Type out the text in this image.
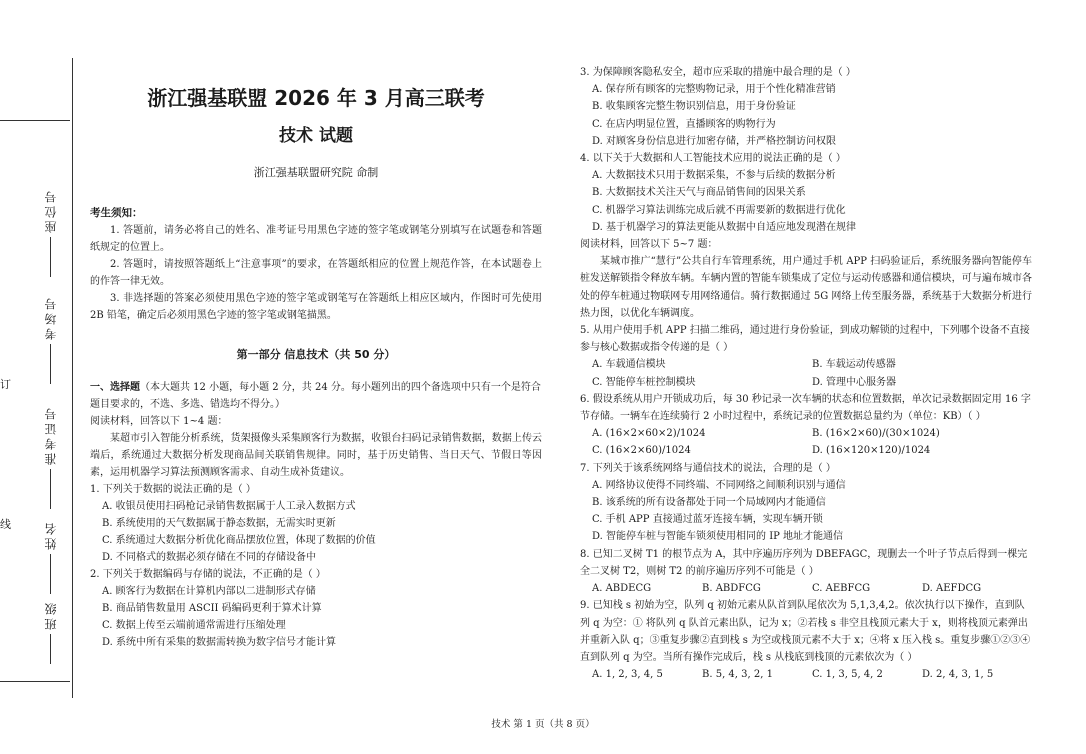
订
线
座位号
考场号
准考证号
姓名
班级
浙江强基联盟 2026 年 3 月高三联考
技术 试题
浙江强基联盟研究院 命制
考生须知：
1. 答题前，请务必将自己的姓名、准考证号用黑色字迹的签字笔或钢笔分别填写在试题卷和答题纸规定的位置上。
2. 答题时，请按照答题纸上“注意事项”的要求，在答题纸相应的位置上规范作答，在本试题卷上的作答一律无效。
3. 非选择题的答案必须使用黑色字迹的签字笔或钢笔写在答题纸上相应区域内，作图时可先使用 2B 铅笔，确定后必须用黑色字迹的签字笔或钢笔描黑。
第一部分 信息技术（共 50 分）
一、选择题（本大题共 12 小题，每小题 2 分，共 24 分。每小题列出的四个备选项中只有一个是符合题目要求的，不选、多选、错选均不得分。）
阅读材料，回答以下 1~4 题：
某超市引入智能分析系统，货架摄像头采集顾客行为数据，收银台扫码记录销售数据，数据上传云端后，系统通过大数据分析发现商品间关联销售规律。同时，基于历史销售、当日天气、节假日等因素，运用机器学习算法预测顾客需求、自动生成补货建议。
1. 下列关于数据的说法正确的是（ ）
A. 收银员使用扫码枪记录销售数据属于人工录入数据方式
B. 系统使用的天气数据属于静态数据，无需实时更新
C. 系统通过大数据分析优化商品摆放位置，体现了数据的价值
D. 不同格式的数据必须存储在不同的存储设备中
2. 下列关于数据编码与存储的说法，不正确的是（ ）
A. 顾客行为数据在计算机内部以二进制形式存储
B. 商品销售数量用 ASCII 码编码更利于算术计算
C. 数据上传至云端前通常需进行压缩处理
D. 系统中所有采集的数据需转换为数字信号才能计算
3. 为保障顾客隐私安全，超市应采取的措施中最合理的是（ ）
A. 保存所有顾客的完整购物记录，用于个性化精准营销
B. 收集顾客完整生物识别信息，用于身份验证
C. 在店内明显位置，直播顾客的购物行为
D. 对顾客身份信息进行加密存储，并严格控制访问权限
4. 以下关于大数据和人工智能技术应用的说法正确的是（ ）
A. 大数据技术只用于数据采集，不参与后续的数据分析
B. 大数据技术关注天气与商品销售间的因果关系
C. 机器学习算法训练完成后就不再需要新的数据进行优化
D. 基于机器学习的算法更能从数据中自适应地发现潜在规律
阅读材料，回答以下 5~7 题：
某城市推广“慧行”公共自行车管理系统，用户通过手机 APP 扫码验证后，系统服务器向智能停车桩发送解锁指令释放车辆。车辆内置的智能车锁集成了定位与运动传感器和通信模块，可与遍布城市各处的停车桩通过物联网专用网络通信。骑行数据通过 5G 网络上传至服务器，系统基于大数据分析进行热力图，以优化车辆调度。
5. 从用户使用手机 APP 扫描二维码，通过进行身份验证，到成功解锁的过程中，下列哪个设备不直接参与核心数据或指令传递的是（ ）
A. 车载通信模块	B. 车载运动传感器
C. 智能停车桩控制模块	D. 管理中心服务器
6. 假设系统从用户开锁成功后，每 30 秒记录一次车辆的状态和位置数据，单次记录数据固定用 16 字节存储。一辆车在连续骑行 2 小时过程中，系统记录的位置数据总量约为（单位：KB）（ ）
A. (16×2×60×2)/1024	B. (16×2×60)/(30×1024)
C. (16×2×60)/1024	D. (16×120×120)/1024
7. 下列关于该系统网络与通信技术的说法，合理的是（ ）
A. 网络协议使得不同终端、不同网络之间顺利识别与通信
B. 该系统的所有设备都处于同一个局域网内才能通信
C. 手机 APP 直接通过蓝牙连接车辆，实现车辆开锁
D. 智能停车桩与智能车锁须使用相同的 IP 地址才能通信
8. 已知二叉树 T1 的根节点为 A，其中序遍历序列为 DBEFAGC，现删去一个叶子节点后得到一棵完全二叉树 T2，则树 T2 的前序遍历序列不可能是（ ）
A. ABDECG	B. ABDFCG	C. AEBFCG	D. AEFDCG
9. 已知栈 s 初始为空，队列 q 初始元素从队首到队尾依次为 5,1,3,4,2。依次执行以下操作，直到队列 q 为空：① 将队列 q 队首元素出队，记为 x；②若栈 s 非空且栈顶元素大于 x，则将栈顶元素弹出并重新入队 q；③重复步骤②直到栈 s 为空或栈顶元素不大于 x；④将 x 压入栈 s。重复步骤①②③④直到队列 q 为空。当所有操作完成后，栈 s 从栈底到栈顶的元素依次为（ ）
A. 1, 2, 3, 4, 5	B. 5, 4, 3, 2, 1	C. 1, 3, 5, 4, 2	D. 2, 4, 3, 1, 5
技术 第 1 页（共 8 页）
